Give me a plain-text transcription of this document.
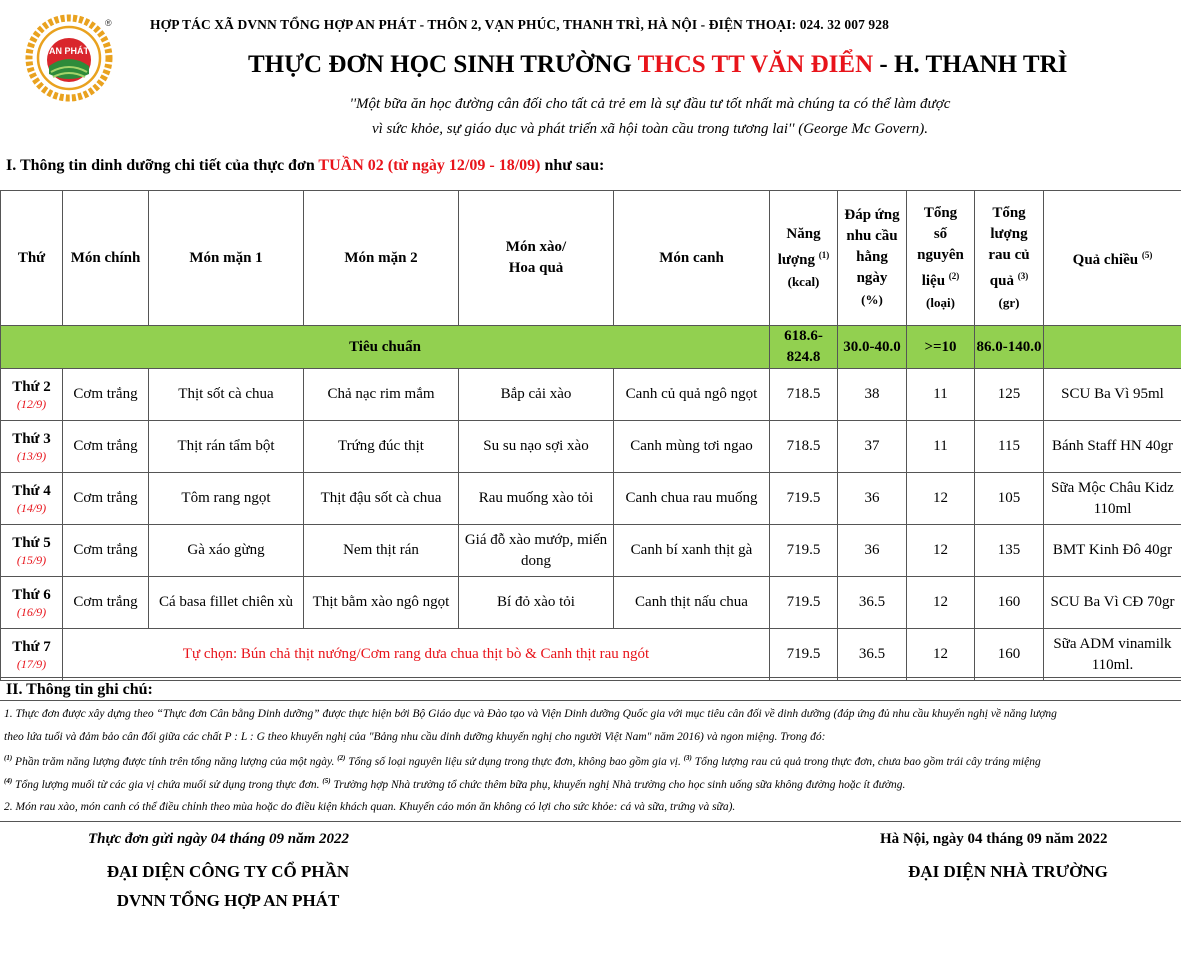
AN PHÁT
®	HỢP TÁC XÃ DVNN TỔNG HỢP AN PHÁT - THÔN 2, VẠN PHÚC, THANH TRÌ, HÀ NỘI - ĐIỆN THOẠI: 024. 32 007 928
THỰC ĐƠN HỌC SINH TRƯỜNG THCS TT VĂN ĐIỂN - H. THANH TRÌ
''Một bữa ăn học đường cân đối cho tất cả trẻ em là sự đầu tư tốt nhất mà chúng ta có thể làm được
vì sức khỏe, sự giáo dục và phát triển xã hội toàn cầu trong tương lai'' (George Mc Govern).
I. Thông tin dinh dưỡng chi tiết của thực đơn TUẦN 02 (từ ngày 12/09 - 18/09) như sau:
Thứ	Món chính	Món mặn 1	Món mặn 2	Món xào/
Hoa quả	Món canh	Năng
lượng $^{(1)}$
(kcal)	Đáp ứng
nhu cầu
hằng
ngày
(%)	Tổng
số
nguyên
liệu $^{(2)}$
(loại)	Tổng
lượng
rau củ
quả $^{(3)}$
(gr)	Quả chiều $^{(5)}$
Tiêu chuẩn						618.6-824.8	30.0-40.0	>=10	86.0-140.0	

Thứ 2
(12/9)	Cơm trắng	Thịt sốt cà chua	Chả nạc rim mắm	Bắp cải xào	Canh củ quả ngô ngọt	718.5	38	11	125	SCU Ba Vì 95ml

Thứ 3
(13/9)	Cơm trắng	Thịt rán tẩm bột	Trứng đúc thịt	Su su nạo sợi xào	Canh mùng tơi ngao	718.5	37	11	115	Bánh Staff HN 40gr

Thứ 4
(14/9)	Cơm trắng	Tôm rang ngọt	Thịt đậu sốt cà chua	Rau muống xào tỏi	Canh chua rau muống	719.5	36	12	105	Sữa Mộc Châu Kidz 110ml

Thứ 5
(15/9)	Cơm trắng	Gà xáo gừng	Nem thịt rán	Giá đỗ xào mướp, miến dong	Canh bí xanh thịt gà	719.5	36	12	135	BMT Kinh Đô 40gr

Thứ 6
(16/9)	Cơm trắng	Cá basa fillet chiên xù	Thịt bằm xào ngô ngọt	Bí đỏ xào tỏi	Canh thịt nấu chua	719.5	36.5	12	160	SCU Ba Vì CĐ 70gr

Thứ 7
(17/9)	Tự chọn: Bún chả thịt nướng/Cơm rang dưa chua thịt bò & Canh thịt rau ngót					719.5	36.5	12	160	Sữa ADM vinamilk 110ml.
II. Thông tin ghi chú:
1. Thực đơn được xây dựng theo “Thực đơn Cân bằng Dinh dưỡng” được thực hiện bởi Bộ Giáo dục và Đào tạo và Viện Dinh dưỡng Quốc gia với mục tiêu cân đối về dinh dưỡng (đáp ứng đủ nhu cầu khuyến nghị về năng lượng
theo lứa tuổi và đảm bảo cân đối giữa các chất P : L : G theo khuyến nghị của "Bảng nhu cầu dinh dưỡng khuyến nghị cho người Việt Nam" năm 2016) và ngon miệng. Trong đó:
$^{(1)}$ Phần trăm năng lượng được tính trên tổng năng lượng của một ngày. $^{(2)}$ Tổng số loại nguyên liệu sử dụng trong thực đơn, không bao gồm gia vị. $^{(3)}$ Tổng lượng rau củ quả trong thực đơn, chưa bao gồm trái cây tráng miệng
$^{(4)}$ Tổng lượng muối từ các gia vị chứa muối sử dụng trong thực đơn. $^{(5)}$ Trường hợp Nhà trường tổ chức thêm bữa phụ, khuyến nghị Nhà trường cho học sinh uống sữa không đường hoặc ít đường.
2. Món rau xào, món canh có thể điều chỉnh theo mùa hoặc do điều kiện khách quan. Khuyến cáo món ăn không có lợi cho sức khỏe: cá và sữa, trứng và sữa).
Thực đơn gửi ngày 04 tháng 09 năm 2022	Hà Nội, ngày 04 tháng 09 năm 2022
ĐẠI DIỆN CÔNG TY CỔ PHẦN
DVNN TỔNG HỢP AN PHÁT
ĐẠI DIỆN NHÀ TRƯỜNG
